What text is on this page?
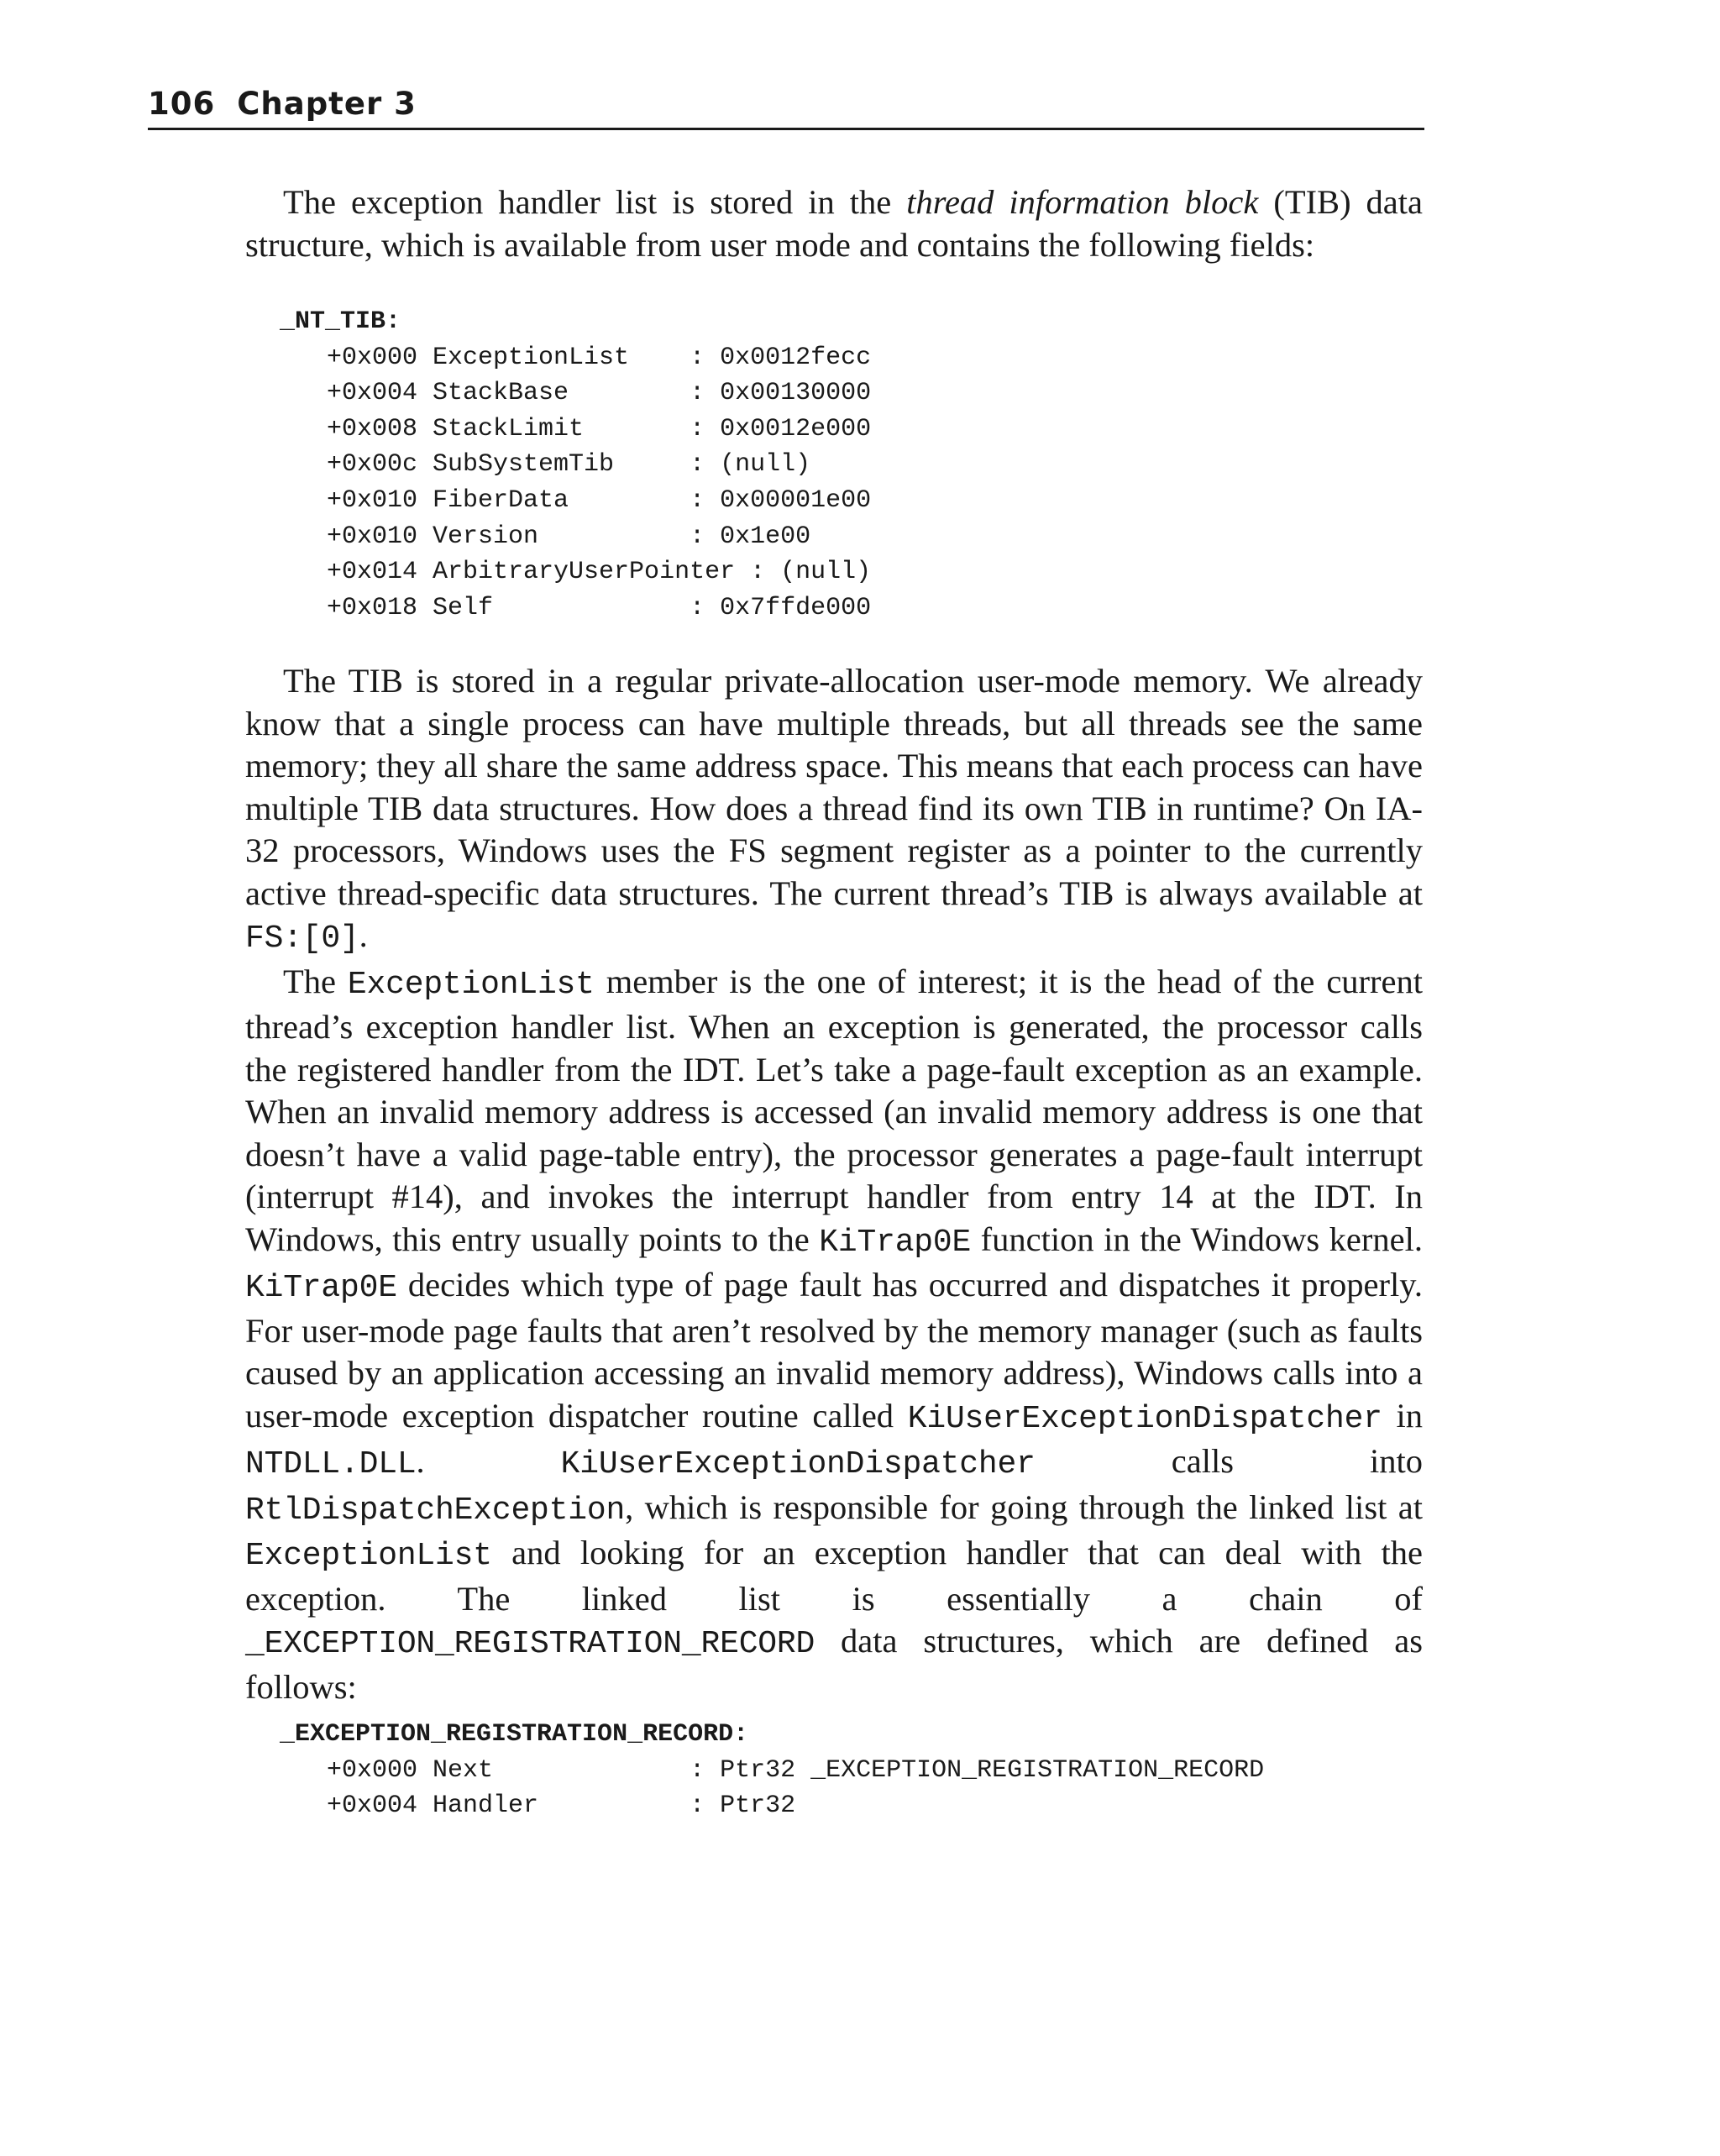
106 Chapter 3

The exception handler list is stored in the thread information block (TIB) data structure, which is available from user mode and contains the following fields:

_NT_TIB:
+0x000 ExceptionList    : 0x0012fecc
+0x004 StackBase        : 0x00130000
+0x008 StackLimit       : 0x0012e000
+0x00c SubSystemTib     : (null)
+0x010 FiberData        : 0x00001e00
+0x010 Version          : 0x1e00
+0x014 ArbitraryUserPointer : (null)
+0x018 Self             : 0x7ffde000

The TIB is stored in a regular private-allocation user-mode memory. We already know that a single process can have multiple threads, but all threads see the same memory; they all share the same address space. This means that each process can have multiple TIB data structures. How does a thread find its own TIB in runtime? On IA-32 processors, Windows uses the FS segment register as a pointer to the currently active thread-specific data structures. The current thread’s TIB is always available at FS:[0].

The ExceptionList member is the one of interest; it is the head of the current thread’s exception handler list. When an exception is generated, the processor calls the registered handler from the IDT. Let’s take a page-fault exception as an example. When an invalid memory address is accessed (an invalid memory address is one that doesn’t have a valid page-table entry), the processor generates a page-fault interrupt (interrupt #14), and invokes the interrupt handler from entry 14 at the IDT. In Windows, this entry usually points to the KiTrap0E function in the Windows kernel. KiTrap0E decides which type of page fault has occurred and dispatches it properly. For user-mode page faults that aren’t resolved by the memory manager (such as faults caused by an application accessing an invalid memory address), Windows calls into a user-mode exception dispatcher routine called KiUserExceptionDispatcher in NTDLL.DLL. KiUserExceptionDispatcher calls into RtlDispatchException, which is responsible for going through the linked list at ExceptionList and looking for an exception handler that can deal with the exception. The linked list is essentially a chain of _EXCEPTION_REGISTRATION_RECORD data structures, which are defined as follows:

_EXCEPTION_REGISTRATION_RECORD:
+0x000 Next             : Ptr32 _EXCEPTION_REGISTRATION_RECORD
+0x004 Handler          : Ptr32
